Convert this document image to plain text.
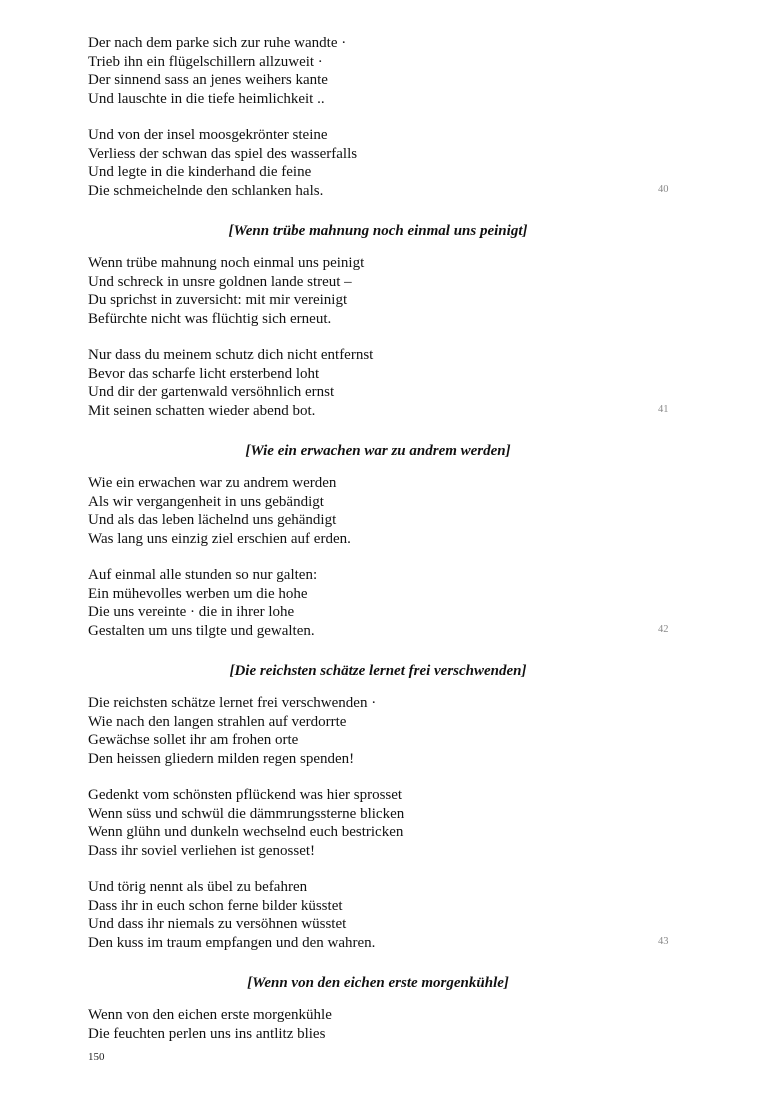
Der nach dem parke sich zur ruhe wandte ·
Trieb ihn ein flügelschillern allzuweit ·
Der sinnend sass an jenes weihers kante
Und lauschte in die tiefe heimlichkeit ..
Und von der insel moosgekrönter steine
Verliess der schwan das spiel des wasserfalls
Und legte in die kinderhand die feine
Die schmeichelnde den schlanken hals.	40
[Wenn trübe mahnung noch einmal uns peinigt]
Wenn trübe mahnung noch einmal uns peinigt
Und schreck in unsre goldnen lande streut –
Du sprichst in zuversicht: mit mir vereinigt
Befürchte nicht was flüchtig sich erneut.
Nur dass du meinem schutz dich nicht entfernst
Bevor das scharfe licht ersterbend loht
Und dir der gartenwald versöhnlich ernst
Mit seinen schatten wieder abend bot.	41
[Wie ein erwachen war zu andrem werden]
Wie ein erwachen war zu andrem werden
Als wir vergangenheit in uns gebändigt
Und als das leben lächelnd uns gehändigt
Was lang uns einzig ziel erschien auf erden.
Auf einmal alle stunden so nur galten:
Ein mühevolles werben um die hohe
Die uns vereinte · die in ihrer lohe
Gestalten um uns tilgte und gewalten.	42
[Die reichsten schätze lernet frei verschwenden]
Die reichsten schätze lernet frei verschwenden ·
Wie nach den langen strahlen auf verdorrte
Gewächse sollet ihr am frohen orte
Den heissen gliedern milden regen spenden!
Gedenkt vom schönsten pflückend was hier sprosset
Wenn süss und schwül die dämmrungssterne blicken
Wenn glühn und dunkeln wechselnd euch bestricken
Dass ihr soviel verliehen ist genosset!
Und törig nennt als übel zu befahren
Dass ihr in euch schon ferne bilder küsstet
Und dass ihr niemals zu versöhnen wüsstet
Den kuss im traum empfangen und den wahren.	43
[Wenn von den eichen erste morgenkühle]
Wenn von den eichen erste morgenkühle
Die feuchten perlen uns ins antlitz blies
150
